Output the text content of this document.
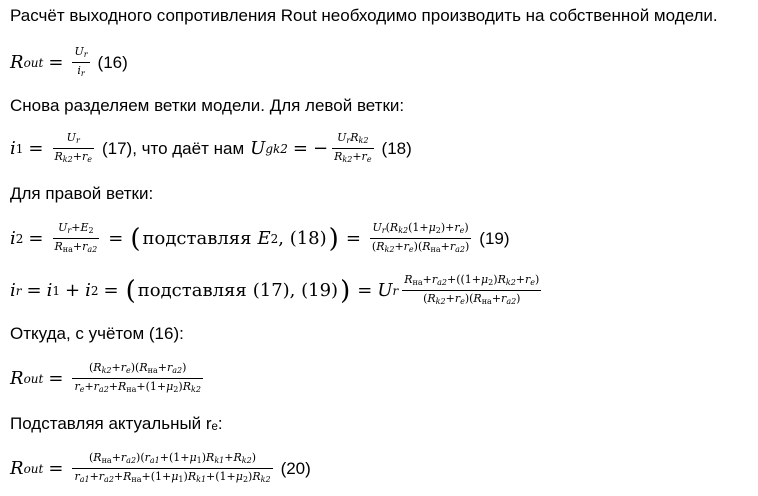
Расчёт выходного сопротивления Rout необходимо производить на собственной модели.
R out = $\frac{U_r}{i_r} (16)$
Снова разделяем ветки модели. Для левой ветки:
i $1 = \frac{U_r}{R_{k2}+r_e} (17)$ , что даёт нам U gk2 = − $\frac{U_rR_{k2}}{R_{k2}+r_e} (18)$
Для правой ветки:
i $2 = \frac{U_r+E2}{Rна+r_{a2}}$ = ( подставляя E 2 , (18) ) = $\frac{U_r(R_{k2}(1+\mu 2)+r_e)}{(R_{k2}+r_e)(Rна+r_{a2})} (19)$
i r = i 1 + i 2 = ( подставляя (17), (19) ) = U r $\frac{Rна+r_{a2}+((1+\mu 2)R_{k2}+r_e)}{(R_{k2}+r_e)(Rна+r_{a2})}$
Откуда, с учётом (16):
R out = $\frac{(R_{k2}+r_e)(Rна+r_{a2})}{r_e+r_{a2}+Rна+(1+\mu 2)R_{k2}}$
Подставляя актуальный rₑ:
R out = $\frac{(Rна+r_{a2})(r_{a1}+(1+\mu 1)R_{k1}+R_{k2})}{r_{a1}+r_{a2}+Rна+(1+\mu 1)R_{k1}+(1+\mu 2)R_{k2}} (20)$
